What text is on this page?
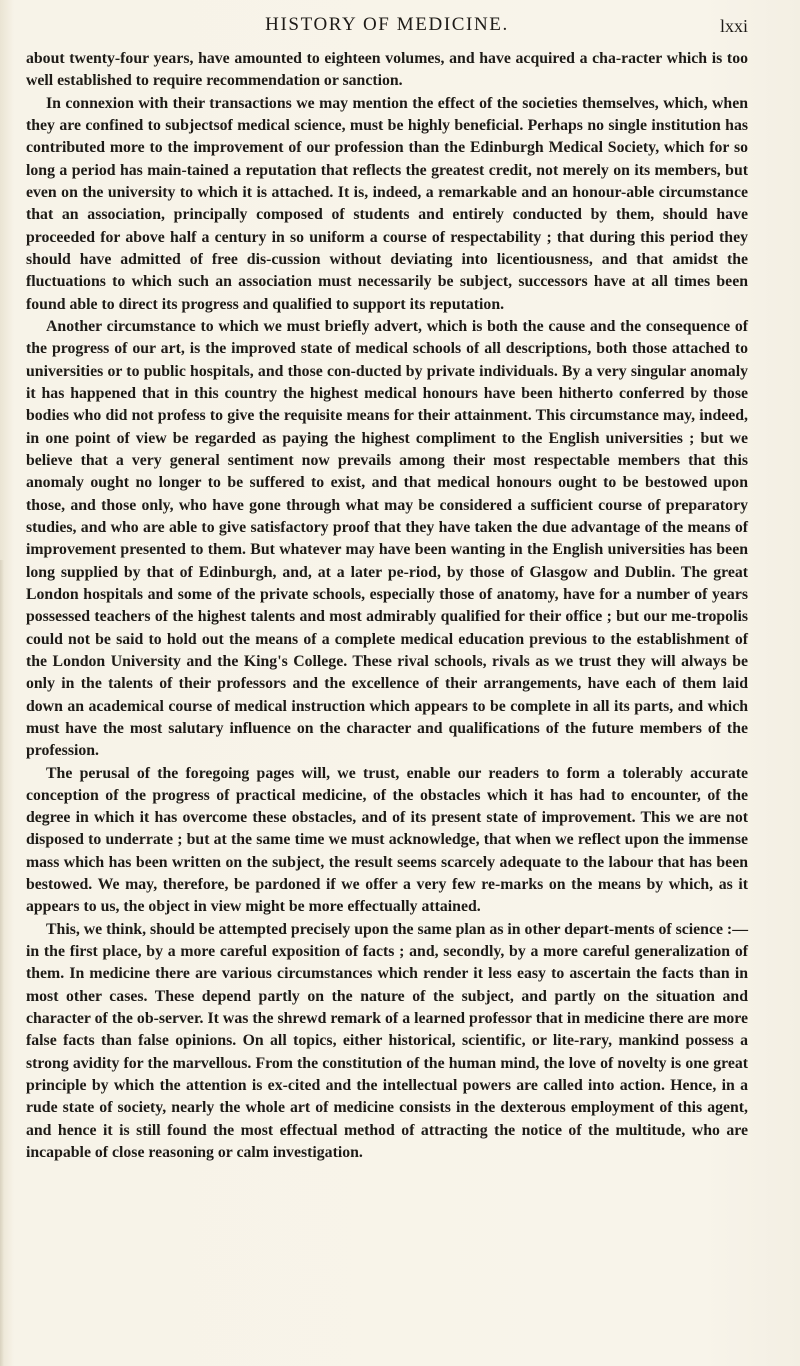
HISTORY OF MEDICINE.	lxxi

about twenty-four years, have amounted to eighteen volumes, and have acquired a cha-racter which is too well established to require recommendation or sanction.

In connexion with their transactions we may mention the effect of the societies themselves, which, when they are confined to subjectsof medical science, must be highly beneficial. Perhaps no single institution has contributed more to the improvement of our profession than the Edinburgh Medical Society, which for so long a period has main-tained a reputation that reflects the greatest credit, not merely on its members, but even on the university to which it is attached. It is, indeed, a remarkable and an honour-able circumstance that an association, principally composed of students and entirely conducted by them, should have proceeded for above half a century in so uniform a course of respectability ; that during this period they should have admitted of free dis-cussion without deviating into licentiousness, and that amidst the fluctuations to which such an association must necessarily be subject, successors have at all times been found able to direct its progress and qualified to support its reputation.

Another circumstance to which we must briefly advert, which is both the cause and the consequence of the progress of our art, is the improved state of medical schools of all descriptions, both those attached to universities or to public hospitals, and those con-ducted by private individuals. By a very singular anomaly it has happened that in this country the highest medical honours have been hitherto conferred by those bodies who did not profess to give the requisite means for their attainment. This circumstance may, indeed, in one point of view be regarded as paying the highest compliment to the English universities ; but we believe that a very general sentiment now prevails among their most respectable members that this anomaly ought no longer to be suffered to exist, and that medical honours ought to be bestowed upon those, and those only, who have gone through what may be considered a sufficient course of preparatory studies, and who are able to give satisfactory proof that they have taken the due advantage of the means of improvement presented to them. But whatever may have been wanting in the English universities has been long supplied by that of Edinburgh, and, at a later pe-riod, by those of Glasgow and Dublin. The great London hospitals and some of the private schools, especially those of anatomy, have for a number of years possessed teachers of the highest talents and most admirably qualified for their office ; but our me-tropolis could not be said to hold out the means of a complete medical education previous to the establishment of the London University and the King's College. These rival schools, rivals as we trust they will always be only in the talents of their professors and the excellence of their arrangements, have each of them laid down an academical course of medical instruction which appears to be complete in all its parts, and which must have the most salutary influence on the character and qualifications of the future members of the profession.

The perusal of the foregoing pages will, we trust, enable our readers to form a tolerably accurate conception of the progress of practical medicine, of the obstacles which it has had to encounter, of the degree in which it has overcome these obstacles, and of its present state of improvement. This we are not disposed to underrate ; but at the same time we must acknowledge, that when we reflect upon the immense mass which has been written on the subject, the result seems scarcely adequate to the labour that has been bestowed. We may, therefore, be pardoned if we offer a very few re-marks on the means by which, as it appears to us, the object in view might be more effectually attained.

This, we think, should be attempted precisely upon the same plan as in other depart-ments of science :—in the first place, by a more careful exposition of facts ; and, secondly, by a more careful generalization of them. In medicine there are various circumstances which render it less easy to ascertain the facts than in most other cases. These depend partly on the nature of the subject, and partly on the situation and character of the ob-server. It was the shrewd remark of a learned professor that in medicine there are more false facts than false opinions. On all topics, either historical, scientific, or lite-rary, mankind possess a strong avidity for the marvellous. From the constitution of the human mind, the love of novelty is one great principle by which the attention is ex-cited and the intellectual powers are called into action. Hence, in a rude state of society, nearly the whole art of medicine consists in the dexterous employment of this agent, and hence it is still found the most effectual method of attracting the notice of the multitude, who are incapable of close reasoning or calm investigation.
